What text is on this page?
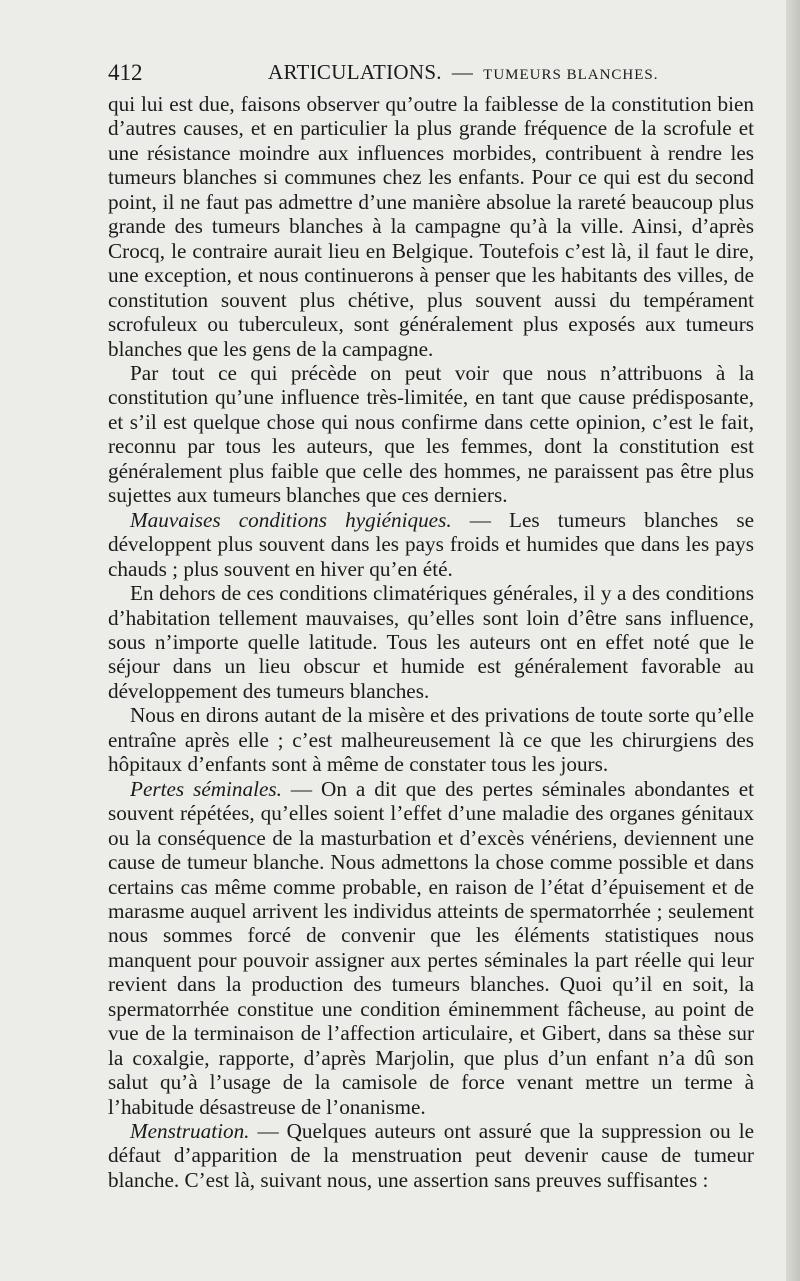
412	ARTICULATIONS. — TUMEURS BLANCHES.

qui lui est due, faisons observer qu’outre la faiblesse de la constitution bien d’autres causes, et en particulier la plus grande fréquence de la scrofule et une résistance moindre aux influences morbides, contribuent à rendre les tumeurs blanches si communes chez les enfants. Pour ce qui est du second point, il ne faut pas admettre d’une manière absolue la rareté beaucoup plus grande des tumeurs blanches à la campagne qu’à la ville. Ainsi, d’après Crocq, le contraire aurait lieu en Belgique. Toutefois c’est là, il faut le dire, une exception, et nous continuerons à penser que les habitants des villes, de constitution souvent plus chétive, plus souvent aussi du tempérament scrofuleux ou tuberculeux, sont généralement plus exposés aux tumeurs blanches que les gens de la campagne.

Par tout ce qui précède on peut voir que nous n’attribuons à la constitution qu’une influence très-limitée, en tant que cause prédisposante, et s’il est quelque chose qui nous confirme dans cette opinion, c’est le fait, reconnu par tous les auteurs, que les femmes, dont la constitution est généralement plus faible que celle des hommes, ne paraissent pas être plus sujettes aux tumeurs blanches que ces derniers.

Mauvaises conditions hygiéniques. — Les tumeurs blanches se développent plus souvent dans les pays froids et humides que dans les pays chauds ; plus souvent en hiver qu’en été.

En dehors de ces conditions climatériques générales, il y a des conditions d’habitation tellement mauvaises, qu’elles sont loin d’être sans influence, sous n’importe quelle latitude. Tous les auteurs ont en effet noté que le séjour dans un lieu obscur et humide est généralement favorable au développement des tumeurs blanches.

Nous en dirons autant de la misère et des privations de toute sorte qu’elle entraîne après elle ; c’est malheureusement là ce que les chirurgiens des hôpitaux d’enfants sont à même de constater tous les jours.

Pertes séminales. — On a dit que des pertes séminales abondantes et souvent répétées, qu’elles soient l’effet d’une maladie des organes génitaux ou la conséquence de la masturbation et d’excès vénériens, deviennent une cause de tumeur blanche. Nous admettons la chose comme possible et dans certains cas même comme probable, en raison de l’état d’épuisement et de marasme auquel arrivent les individus atteints de spermatorrhée ; seulement nous sommes forcé de convenir que les éléments statistiques nous manquent pour pouvoir assigner aux pertes séminales la part réelle qui leur revient dans la production des tumeurs blanches. Quoi qu’il en soit, la spermatorrhée constitue une condition éminemment fâcheuse, au point de vue de la terminaison de l’affection articulaire, et Gibert, dans sa thèse sur la coxalgie, rapporte, d’après Marjolin, que plus d’un enfant n’a dû son salut qu’à l’usage de la camisole de force venant mettre un terme à l’habitude désastreuse de l’onanisme.

Menstruation. — Quelques auteurs ont assuré que la suppression ou le défaut d’apparition de la menstruation peut devenir cause de tumeur blanche. C’est là, suivant nous, une assertion sans preuves suffisantes :
